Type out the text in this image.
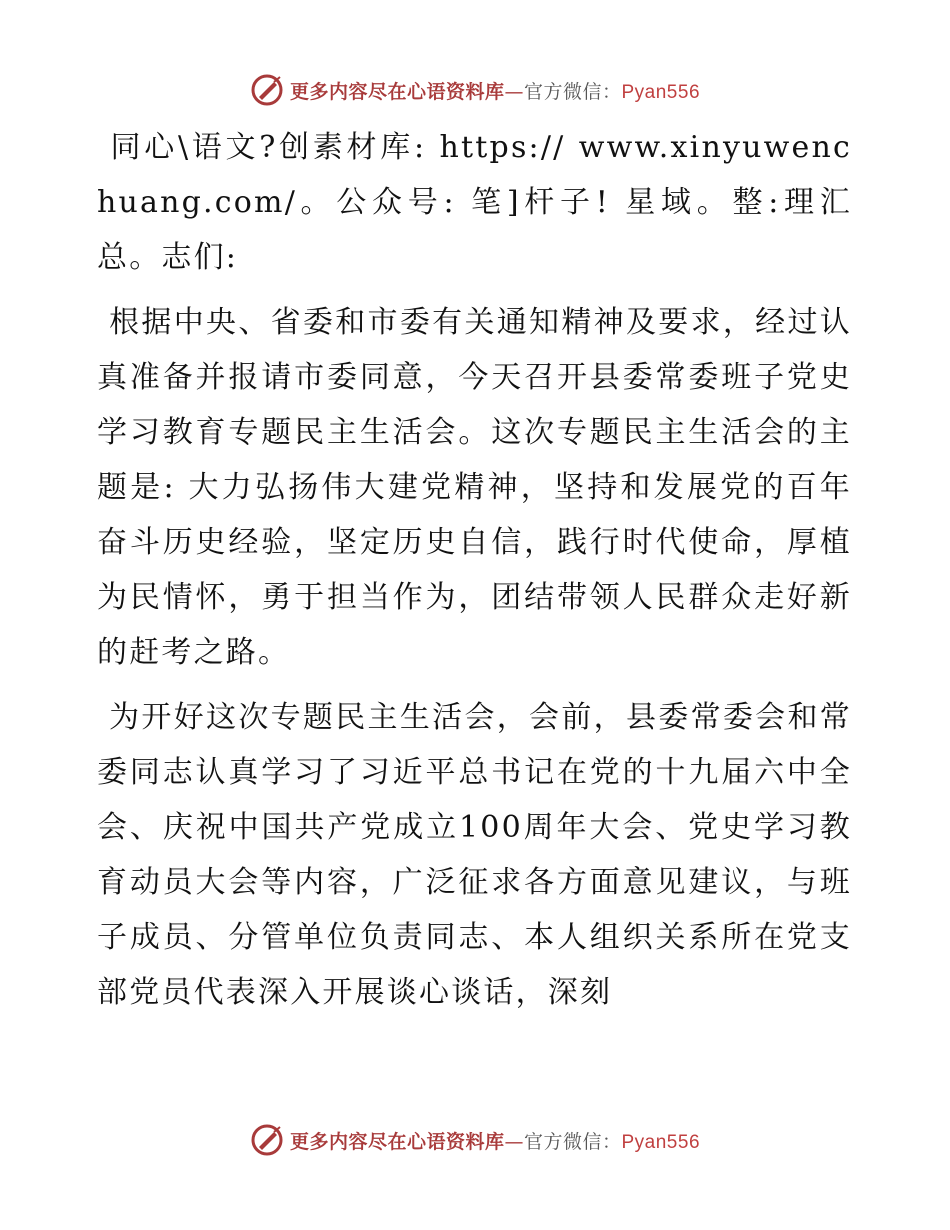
更多内容尽在心语资料库—官方微信：Pyan556

同心\语文?创素材库: https:// www.xinyuwenchuang.com/。公众号: 笔]杆子! 星域。整:理汇总。志们:

根据中央、省委和市委有关通知精神及要求，经过认真准备并报请市委同意，今天召开县委常委班子党史学习教育专题民主生活会。这次专题民主生活会的主题是: 大力弘扬伟大建党精神，坚持和发展党的百年奋斗历史经验，坚定历史自信，践行时代使命，厚植为民情怀，勇于担当作为，团结带领人民群众走好新的赶考之路。

为开好这次专题民主生活会，会前，县委常委会和常委同志认真学习了习近平总书记在党的十九届六中全会、庆祝中国共产党成立100周年大会、党史学习教育动员大会等内容，广泛征求各方面意见建议，与班子成员、分管单位负责同志、本人组织关系所在党支部党员代表深入开展谈心谈话，深刻

更多内容尽在心语资料库—官方微信：Pyan556
